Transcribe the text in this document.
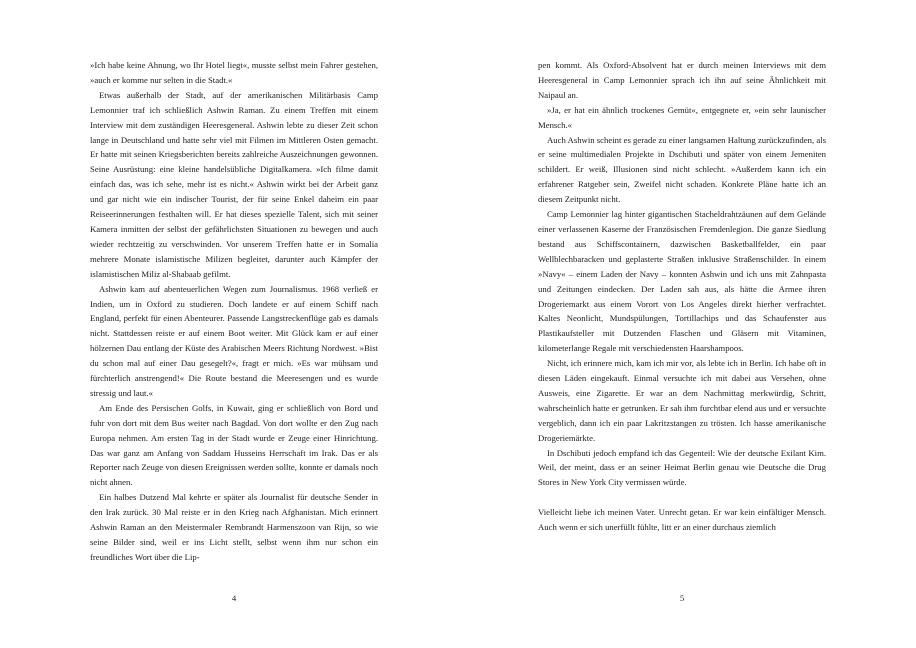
»Ich habe keine Ahnung, wo Ihr Hotel liegt«, musste selbst mein Fahrer gestehen, »auch er komme nur selten in die Stadt.«

Etwas außerhalb der Stadt, auf der amerikanischen Militärbasis Camp Lemonnier traf ich schließlich Ashwin Raman. Zu einem Treffen mit einem Interview mit dem zuständigen Heeresgeneral. Ashwin lebte zu dieser Zeit schon lange in Deutschland und hatte sehr viel mit Filmen im Mittleren Osten gemacht. Er hatte mit seinen Kriegsberichten bereits zahlreiche Auszeichnungen gewonnen. Seine Ausrüstung: eine kleine handelsübliche Digitalkamera. »Ich filme damit einfach das, was ich sehe, mehr ist es nicht.« Ashwin wirkt bei der Arbeit ganz und gar nicht wie ein indischer Tourist, der für seine Enkel daheim ein paar Reiseerinnerungen festhalten will. Er hat dieses spezielle Talent, sich mit seiner Kamera inmitten der selbst der gefährlichsten Situationen zu bewegen und auch wieder rechtzeitig zu verschwinden. Vor unserem Treffen hatte er in Somalia mehrere Monate islamistische Milizen begleitet, darunter auch Kämpfer der islamistischen Miliz al-Shabaab gefilmt.

Ashwin kam auf abenteuerlichen Wegen zum Journalismus. 1968 verließ er Indien, um in Oxford zu studieren. Doch landete er auf einem Schiff nach England, perfekt für einen Abenteurer. Passende Langstreckenflüge gab es damals nicht. Stattdessen reiste er auf einem Boot weiter. Mit Glück kam er auf einer hölzernen Dau entlang der Küste des Arabischen Meers Richtung Nordwest. »Bist du schon mal auf einer Dau gesegelt?«, fragt er mich. »Es war mühsam und fürchterlich anstrengend!« Die Route bestand die Meeresengen und es wurde stressig und laut.«

Am Ende des Persischen Golfs, in Kuwait, ging er schließlich von Bord und fuhr von dort mit dem Bus weiter nach Bagdad. Von dort wollte er den Zug nach Europa nehmen. Am ersten Tag in der Stadt wurde er Zeuge einer Hinrichtung. Das war ganz am Anfang von Saddam Husseins Herrschaft im Irak. Das er als Reporter nach Zeuge von diesen Ereignissen werden sollte, konnte er damals noch nicht ahnen.

Ein halbes Dutzend Mal kehrte er später als Journalist für deutsche Sender in den Irak zurück. 30 Mal reiste er in den Krieg nach Afghanistan. Mich erinnert Ashwin Raman an den Meistermaler Rembrandt Harmenszoon van Rijn, so wie seine Bilder sind, weil er ins Licht stellt, selbst wenn ihm nur schon ein freundliches Wort über die Lip-

4

pen kommt. Als Oxford-Absolvent hat er durch meinen Interviews mit dem Heeresgeneral in Camp Lemonnier sprach ich ihn auf seine Ähnlichkeit mit Naipaul an.

»Ja, er hat ein ähnlich trockenes Gemüt«, entgegnete er, »ein sehr launischer Mensch.«

Auch Ashwin scheint es gerade zu einer langsamen Haltung zurückzufinden, als er seine multimedialen Projekte in Dschibuti und später von einem Jemeniten schildert. Er weiß, Illusionen sind nicht schlecht. »Außerdem kann ich ein erfahrener Ratgeber sein, Zweifel nicht schaden. Konkrete Pläne hatte ich an diesem Zeitpunkt nicht.

Camp Lemonnier lag hinter gigantischen Stacheldrahtzäunen auf dem Gelände einer verlassenen Kaserne der Französischen Fremdenlegion. Die ganze Siedlung bestand aus Schiffscontainern, dazwischen Basketballfelder, ein paar Wellblechbaracken und geplasterte Straßen inklusive Straßenschilder. In einem »Navy« – einem Laden der Navy – konnten Ashwin und ich uns mit Zahnpasta und Zeitungen eindecken. Der Laden sah aus, als hätte die Armee ihren Drogeriemarkt aus einem Vorort von Los Angeles direkt hierher verfrachtet. Kaltes Neonlicht, Mundspülungen, Tortillachips und das Schaufenster aus Plastikaufsteller mit Dutzenden Flaschen und Gläsern mit Vitaminen, kilometerlange Regale mit verschiedensten Haarshampoos.

Nicht, ich erinnere mich, kam ich mir vor, als lebte ich in Berlin. Ich habe oft in diesen Läden eingekauft. Einmal versuchte ich mit dabei aus Versehen, ohne Ausweis, eine Zigarette. Er war an dem Nachmittag merkwürdig, Schritt, wahrscheinlich hatte er getrunken. Er sah ihm furchtbar elend aus und er versuchte vergeblich, dann ich ein paar Lakritzstangen zu trösten. Ich hasse amerikanische Drogeriemärkte.

In Dschibuti jedoch empfand ich das Gegenteil: Wie der deutsche Exilant Kim. Weil, der meint, dass er an seiner Heimat Berlin genau wie Deutsche die Drug Stores in New York City vermissen würde.

Vielleicht liebe ich meinen Vater. Unrecht getan. Er war kein einfältiger Mensch. Auch wenn er sich unerfüllt fühlte, litt er an einer durchaus ziemlich

5
